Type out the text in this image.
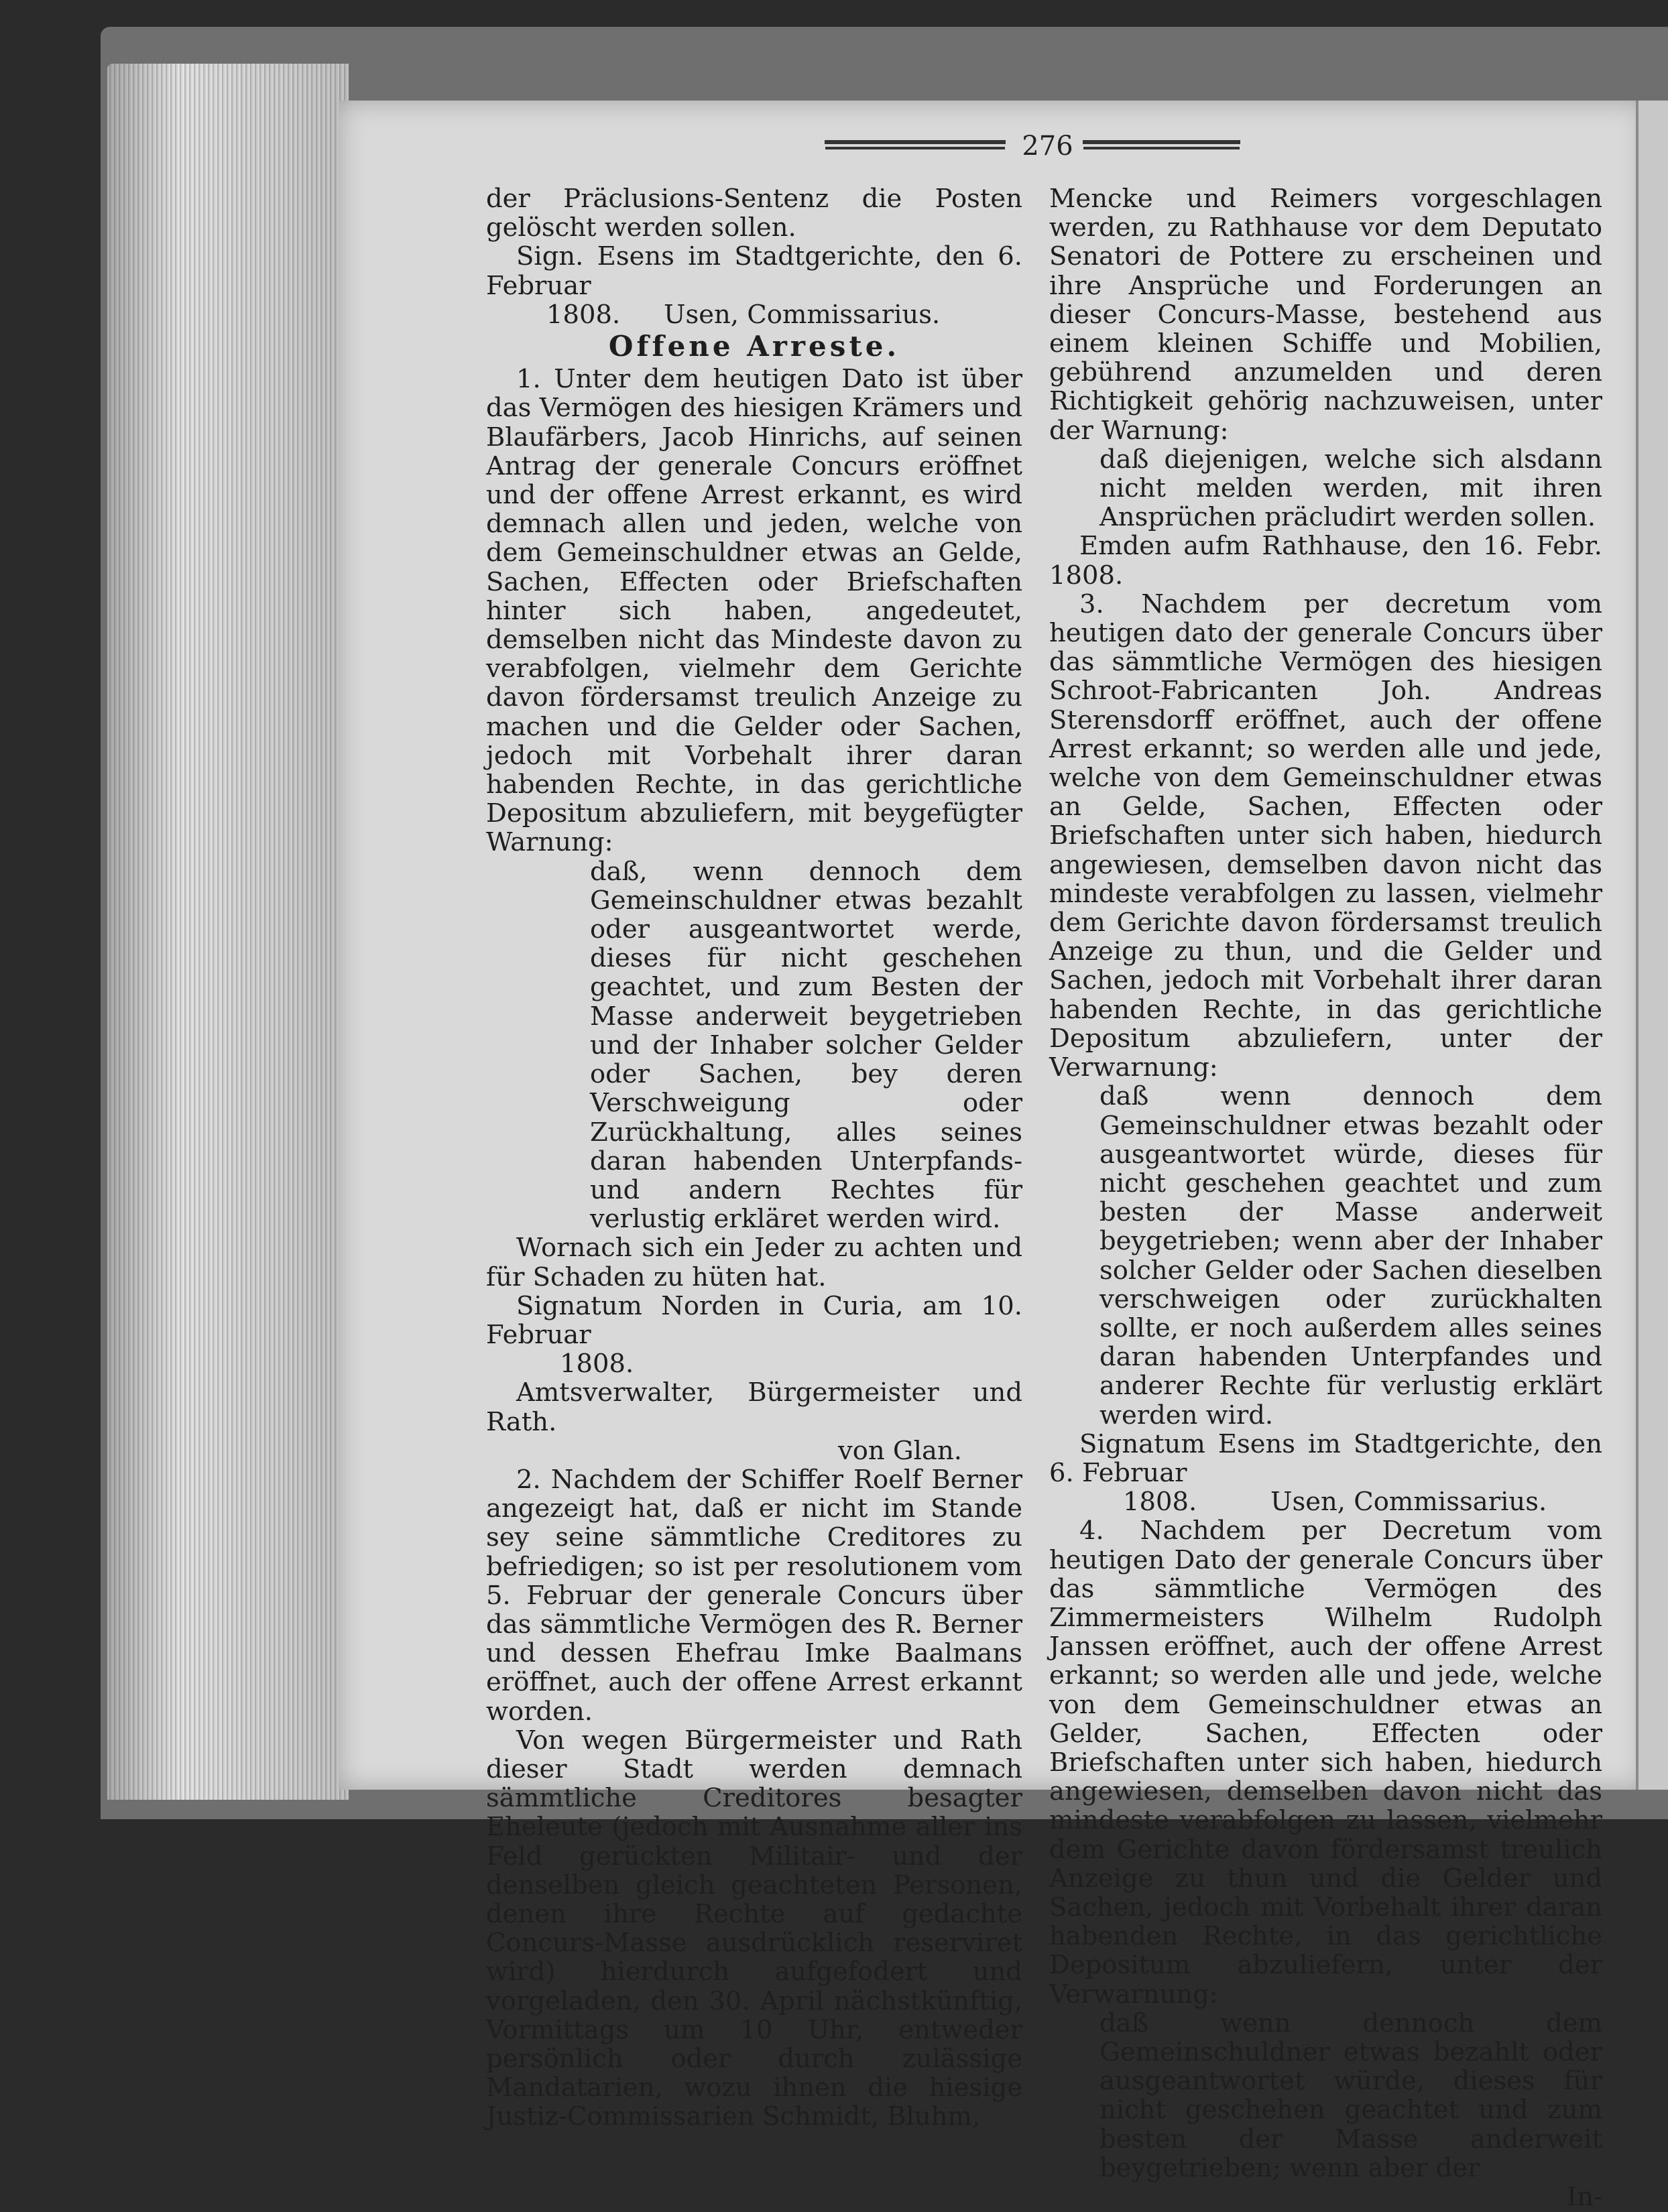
276

der Präclusions-Sentenz die Posten gelöscht werden sollen.

Sign. Esens im Stadtgerichte, den 6. Februar

1808. Usen, Commissarius.

Offene Arreste.

1. Unter dem heutigen Dato ist über das Vermögen des hiesigen Krämers und Blaufärbers, Jacob Hinrichs, auf seinen Antrag der generale Concurs eröffnet und der offene Arrest erkannt, es wird demnach allen und jeden, welche von dem Gemeinschuldner etwas an Gelde, Sachen, Effecten oder Briefschaften hinter sich haben, angedeutet, demselben nicht das Mindeste davon zu verabfolgen, vielmehr dem Gerichte davon fördersamst treulich Anzeige zu machen und die Gelder oder Sachen, jedoch mit Vorbehalt ihrer daran habenden Rechte, in das gerichtliche Depositum abzuliefern, mit beygefügter Warnung:

daß, wenn dennoch dem Gemeinschuldner etwas bezahlt oder ausgeantwortet werde, dieses für nicht geschehen geachtet, und zum Besten der Masse anderweit beygetrieben und der Inhaber solcher Gelder oder Sachen, bey deren Verschweigung oder Zurückhaltung, alles seines daran habenden Unterpfands- und andern Rechtes für verlustig erkläret werden wird.

Wornach sich ein Jeder zu achten und für Schaden zu hüten hat.

Signatum Norden in Curia, am 10. Februar

1808.

Amtsverwalter, Bürgermeister und Rath.

von Glan.

2. Nachdem der Schiffer Roelf Berner angezeigt hat, daß er nicht im Stande sey seine sämmtliche Creditores zu befriedigen; so ist per resolutionem vom 5. Februar der generale Concurs über das sämmtliche Vermögen des R. Berner und dessen Ehefrau Imke Baalmans eröffnet, auch der offene Arrest erkannt worden.

Von wegen Bürgermeister und Rath dieser Stadt werden demnach sämmtliche Creditores besagter Eheleute (jedoch mit Ausnahme aller ins Feld gerückten Militair- und der denselben gleich geachteten Personen, denen ihre Rechte auf gedachte Concurs-Masse ausdrücklich reserviret wird) hierdurch aufgefodert und vorgeladen, den 30. April nächstkünftig, Vormittags um 10 Uhr, entweder persönlich oder durch zulässige Mandatarien, wozu ihnen die hiesige Justiz-Commissarien Schmidt, Bluhm,

Mencke und Reimers vorgeschlagen werden, zu Rathhause vor dem Deputato Senatori de Pottere zu erscheinen und ihre Ansprüche und Forderungen an dieser Concurs-Masse, bestehend aus einem kleinen Schiffe und Mobilien, gebührend anzumelden und deren Richtigkeit gehörig nachzuweisen, unter der Warnung:

daß diejenigen, welche sich alsdann nicht melden werden, mit ihren Ansprüchen präcludirt werden sollen.

Emden aufm Rathhause, den 16. Febr. 1808.

3. Nachdem per decretum vom heutigen dato der generale Concurs über das sämmtliche Vermögen des hiesigen Schroot-Fabricanten Joh. Andreas Sterensdorff eröffnet, auch der offene Arrest erkannt; so werden alle und jede, welche von dem Gemeinschuldner etwas an Gelde, Sachen, Effecten oder Briefschaften unter sich haben, hiedurch angewiesen, demselben davon nicht das mindeste verabfolgen zu lassen, vielmehr dem Gerichte davon fördersamst treulich Anzeige zu thun, und die Gelder und Sachen, jedoch mit Vorbehalt ihrer daran habenden Rechte, in das gerichtliche Depositum abzuliefern, unter der Verwarnung:

daß wenn dennoch dem Gemeinschuldner etwas bezahlt oder ausgeantwortet würde, dieses für nicht geschehen geachtet und zum besten der Masse anderweit beygetrieben; wenn aber der Inhaber solcher Gelder oder Sachen dieselben verschweigen oder zurückhalten sollte, er noch außerdem alles seines daran habenden Unterpfandes und anderer Rechte für verlustig erklärt werden wird.

Signatum Esens im Stadtgerichte, den 6. Februar

1808.	Usen, Commissarius.

4. Nachdem per Decretum vom heutigen Dato der generale Concurs über das sämmtliche Vermögen des Zimmermeisters Wilhelm Rudolph Janssen eröffnet, auch der offene Arrest erkannt; so werden alle und jede, welche von dem Gemeinschuldner etwas an Gelder, Sachen, Effecten oder Briefschaften unter sich haben, hiedurch angewiesen, demselben davon nicht das mindeste verabfolgen zu lassen, vielmehr dem Gerichte davon fördersamst treulich Anzeige zu thun und die Gelder und Sachen, jedoch mit Vorbehalt ihrer daran habenden Rechte, in das gerichtliche Depositum abzuliefern, unter der Verwarnung:

daß wenn dennoch dem Gemeinschuldner etwas bezahlt oder ausgeantwortet würde, dieses für nicht geschehen geachtet und zum besten der Masse anderweit beygetrieben; wenn aber der

In-
